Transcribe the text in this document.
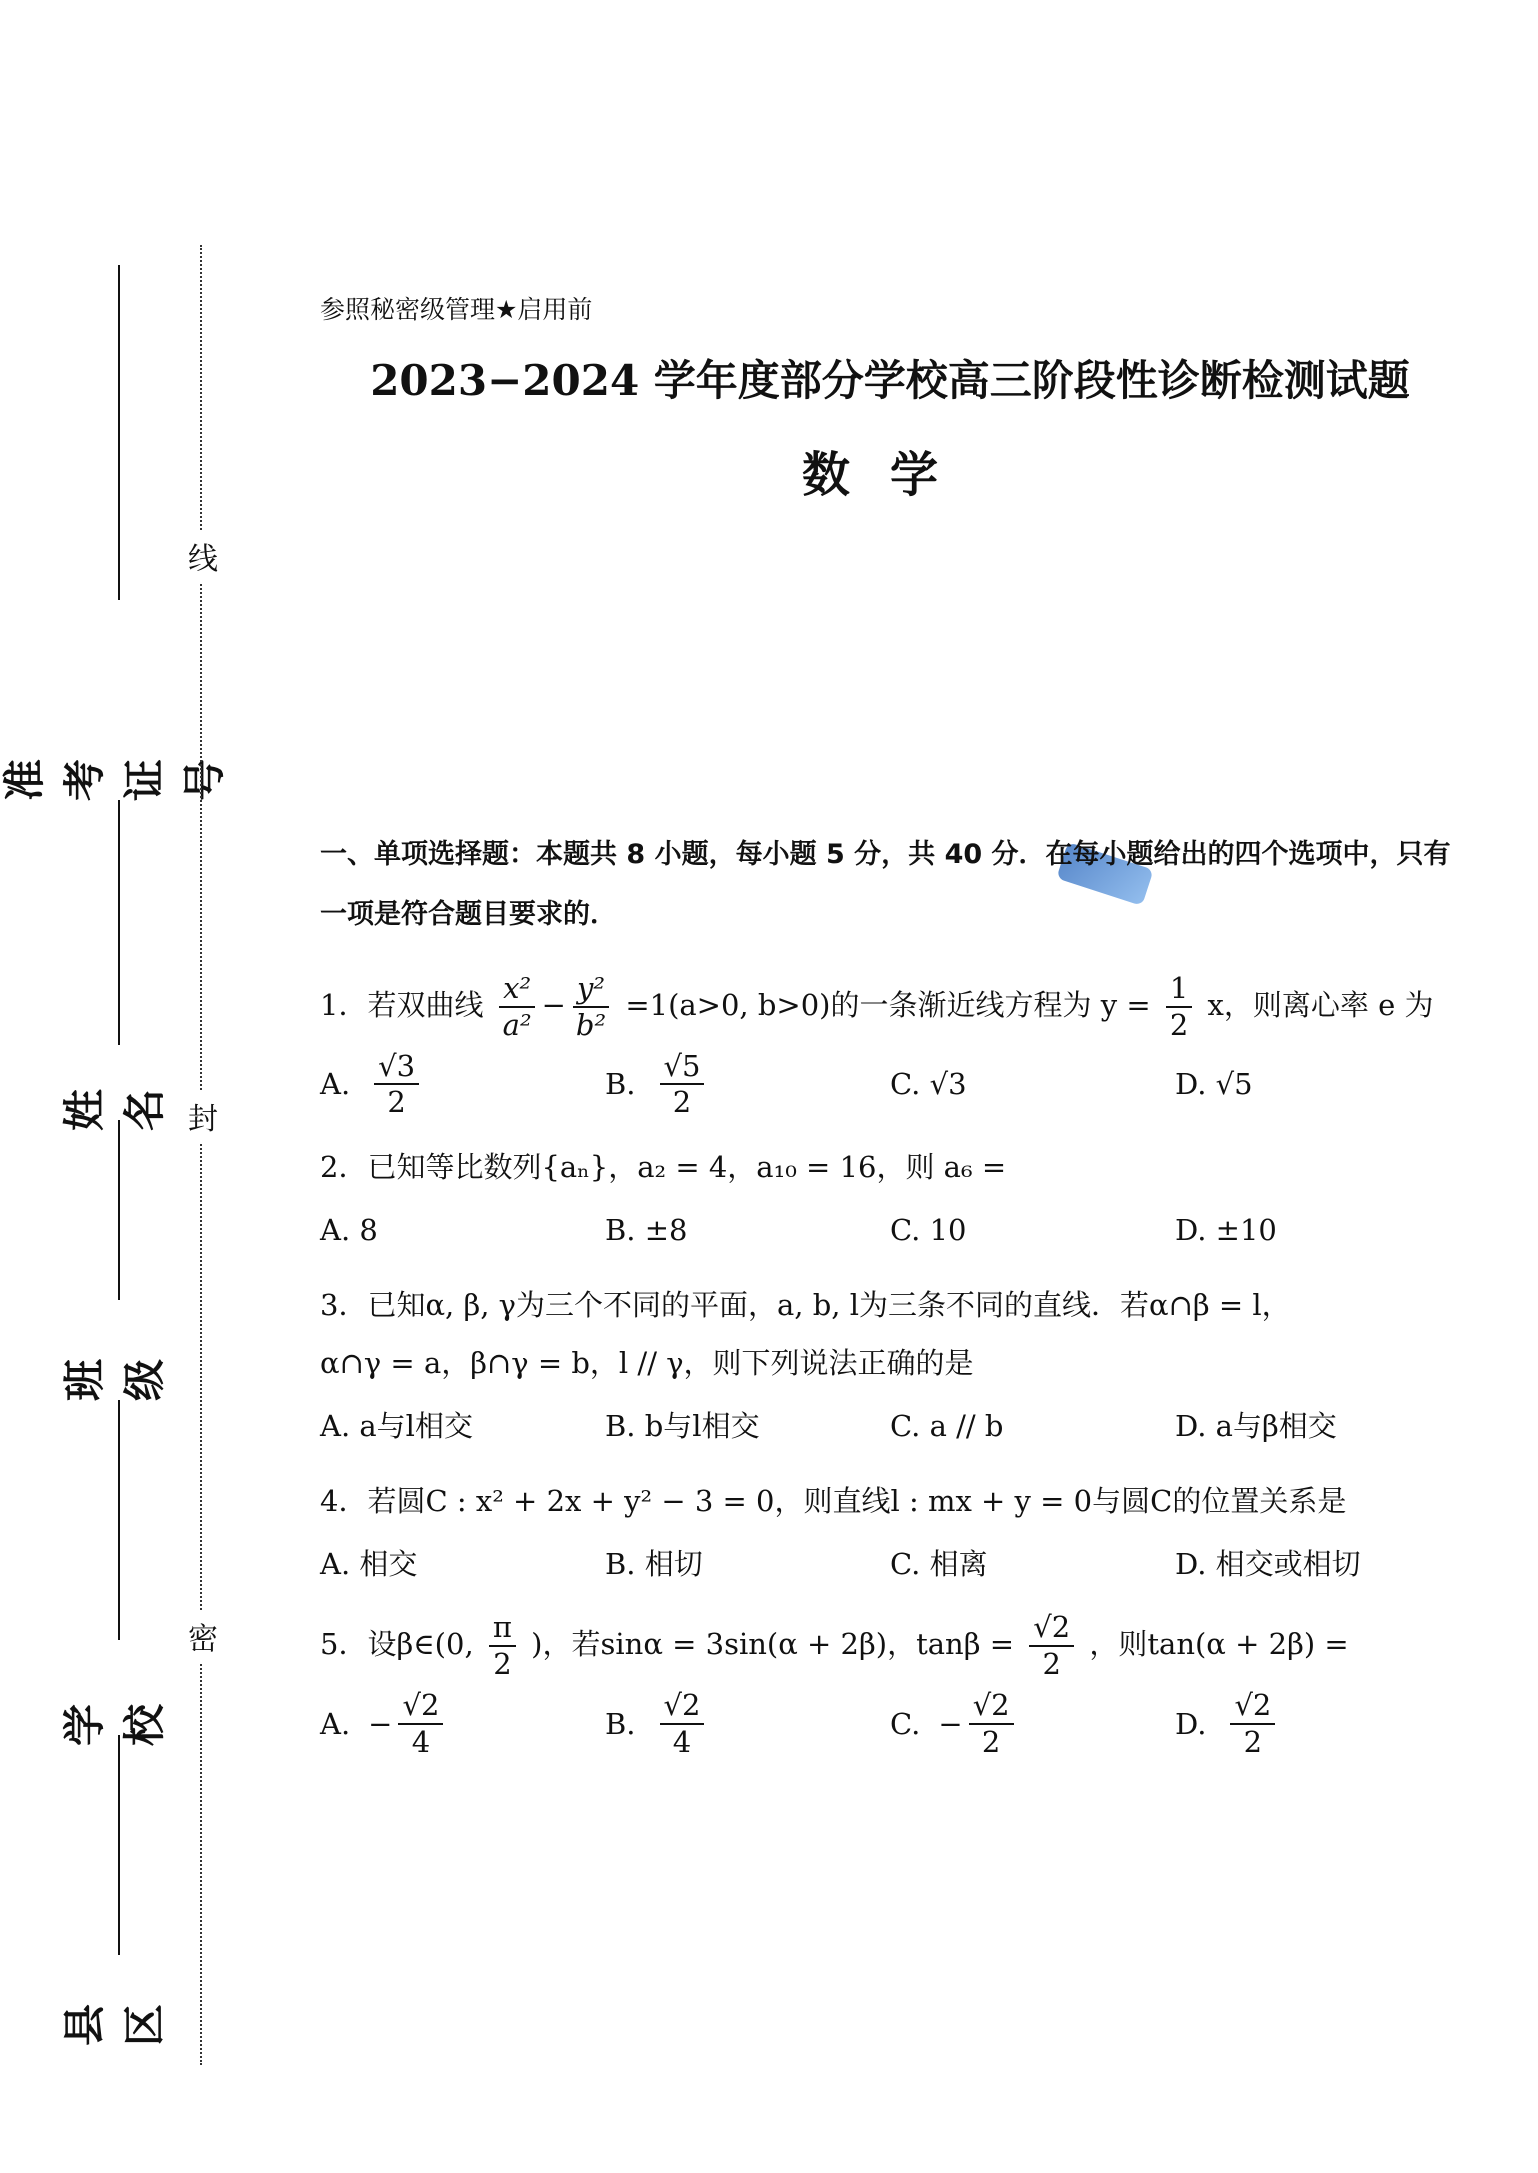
准考证号
姓名
班级
学校
县区
线
封
密
参照秘密级管理★启用前
2023−2024 学年度部分学校高三阶段性诊断检测试题
数学
一、单项选择题：本题共 8 小题，每小题 5 分，共 40 分．在每小题给出的四个选项中，只有一项是符合题目要求的．
1．若双曲线 $\frac{\text{x²}}{\text{a²}} - \frac{\text{y²}}{\text{b²}} =1(a>0$, b>0)的一条渐近线方程为 $y = \frac{1}{2}$ x，则离心率 e 为
A. $\frac{√3}{2}$	B. $\frac{√5}{2}$	C. √3	D. √5
2．已知等比数列{aₙ}，a₂ = 4，a₁₀ = 16，则 a₆ =
A. 8	B. ±8	C. 10	D. ±10
3．已知α, β, γ为三个不同的平面，a, b, l为三条不同的直线．若α∩β = l，
α∩γ = a，β∩γ = b，l // γ，则下列说法正确的是
A. a与l相交	B. b与l相交	C. a // b	D. a与β相交
4．若圆C : x² + 2x + y² − 3 = 0，则直线l : mx + y = 0与圆C的位置关系是
A. 相交	B. 相切	C. 相离	D. 相交或相切
5．设β∈(0, $\frac{\pi}{2}$ )，若sinα = 3sin(α + 2β)，$\tan\beta = \frac{√2}{2}$ ，则tan(α + 2β) =
A. − $\frac{√2}{4}$	B. $\frac{√2}{4}$	C. − $\frac{√2}{2}$	D. $\frac{√2}{2}$
